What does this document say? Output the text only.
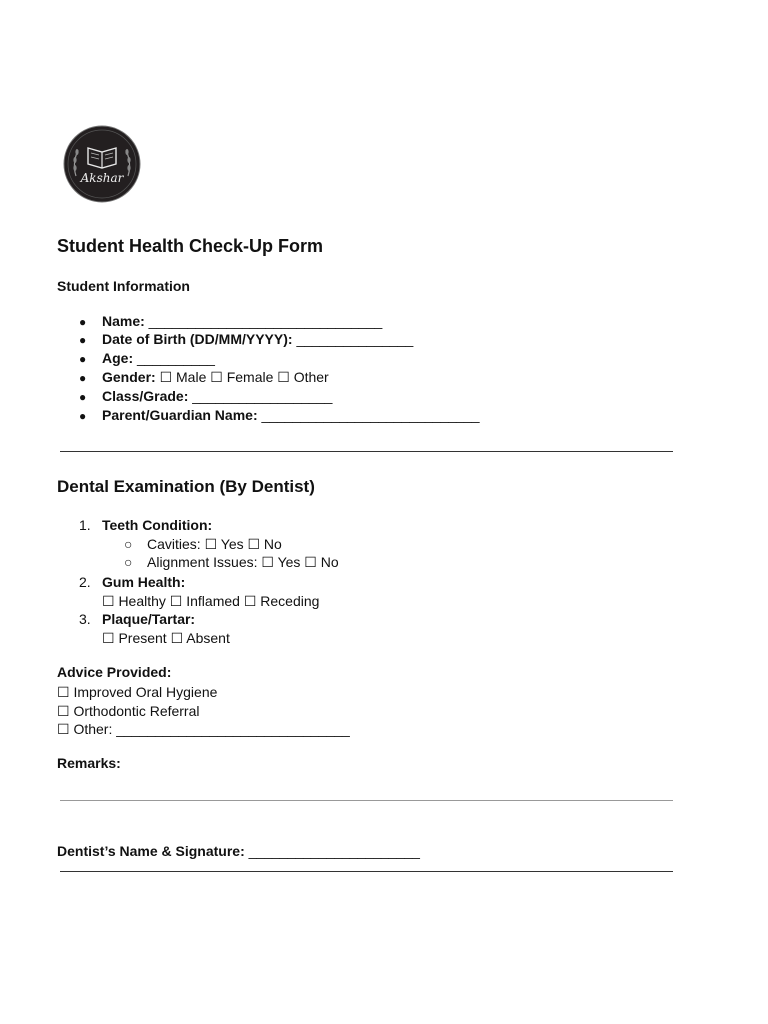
Akshar
Student Health Check-Up Form
Student Information
● Name: ______________________________
● Date of Birth (DD/MM/YYYY): _______________
● Age: __________
● Gender: ☐ Male ☐ Female ☐ Other
● Class/Grade: __________________
● Parent/Guardian Name: ____________________________
Dental Examination (By Dentist)
1. Teeth Condition:
○ Cavities: ☐ Yes ☐ No
○ Alignment Issues: ☐ Yes ☐ No
2. Gum Health:
☐ Healthy ☐ Inflamed ☐ Receding
3. Plaque/Tartar:
☐ Present ☐ Absent
Advice Provided:
☐ Improved Oral Hygiene
☐ Orthodontic Referral
☐ Other: ______________________________
Remarks:
Dentist’s Name & Signature: ______________________
